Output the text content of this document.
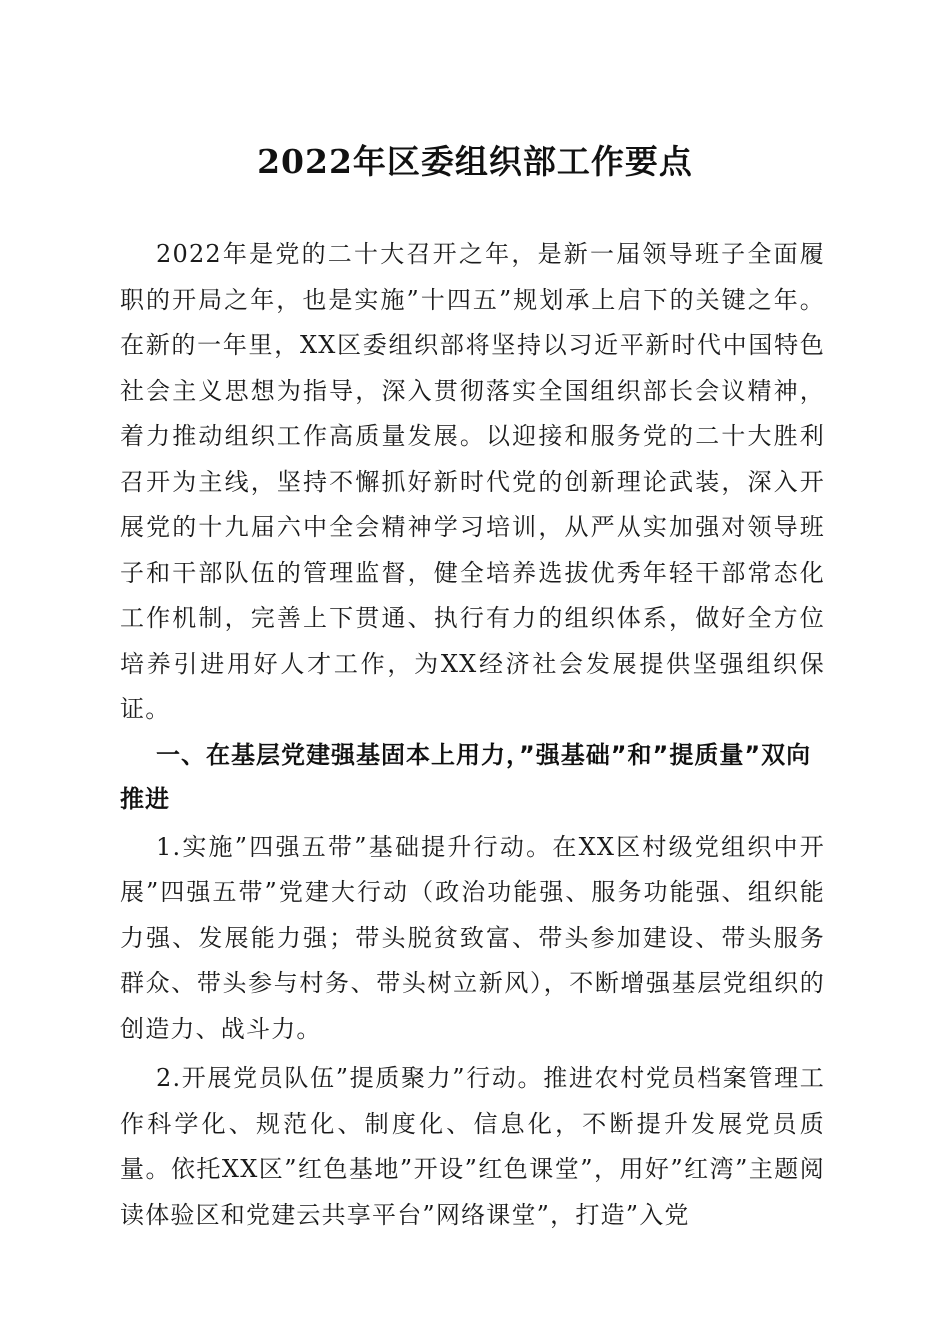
2022年区委组织部工作要点

2022年是党的二十大召开之年，是新一届领导班子全面履职的开局之年，也是实施”十四五”规划承上启下的关键之年。在新的一年里，XX区委组织部将坚持以习近平新时代中国特色社会主义思想为指导，深入贯彻落实全国组织部长会议精神，着力推动组织工作高质量发展。以迎接和服务党的二十大胜利召开为主线，坚持不懈抓好新时代党的创新理论武装，深入开展党的十九届六中全会精神学习培训，从严从实加强对领导班子和干部队伍的管理监督，健全培养选拔优秀年轻干部常态化工作机制，完善上下贯通、执行有力的组织体系，做好全方位培养引进用好人才工作，为XX经济社会发展提供坚强组织保证。

一、在基层党建强基固本上用力，”强基础”和”提质量”双向推进

1.实施”四强五带”基础提升行动。在XX区村级党组织中开展”四强五带”党建大行动（政治功能强、服务功能强、组织能力强、发展能力强；带头脱贫致富、带头参加建设、带头服务群众、带头参与村务、带头树立新风），不断增强基层党组织的创造力、战斗力。

2.开展党员队伍”提质聚力”行动。推进农村党员档案管理工作科学化、规范化、制度化、信息化，不断提升发展党员质量。依托XX区”红色基地”开设”红色课堂”，用好”红湾”主题阅读体验区和党建云共享平台”网络课堂”，打造”入党
